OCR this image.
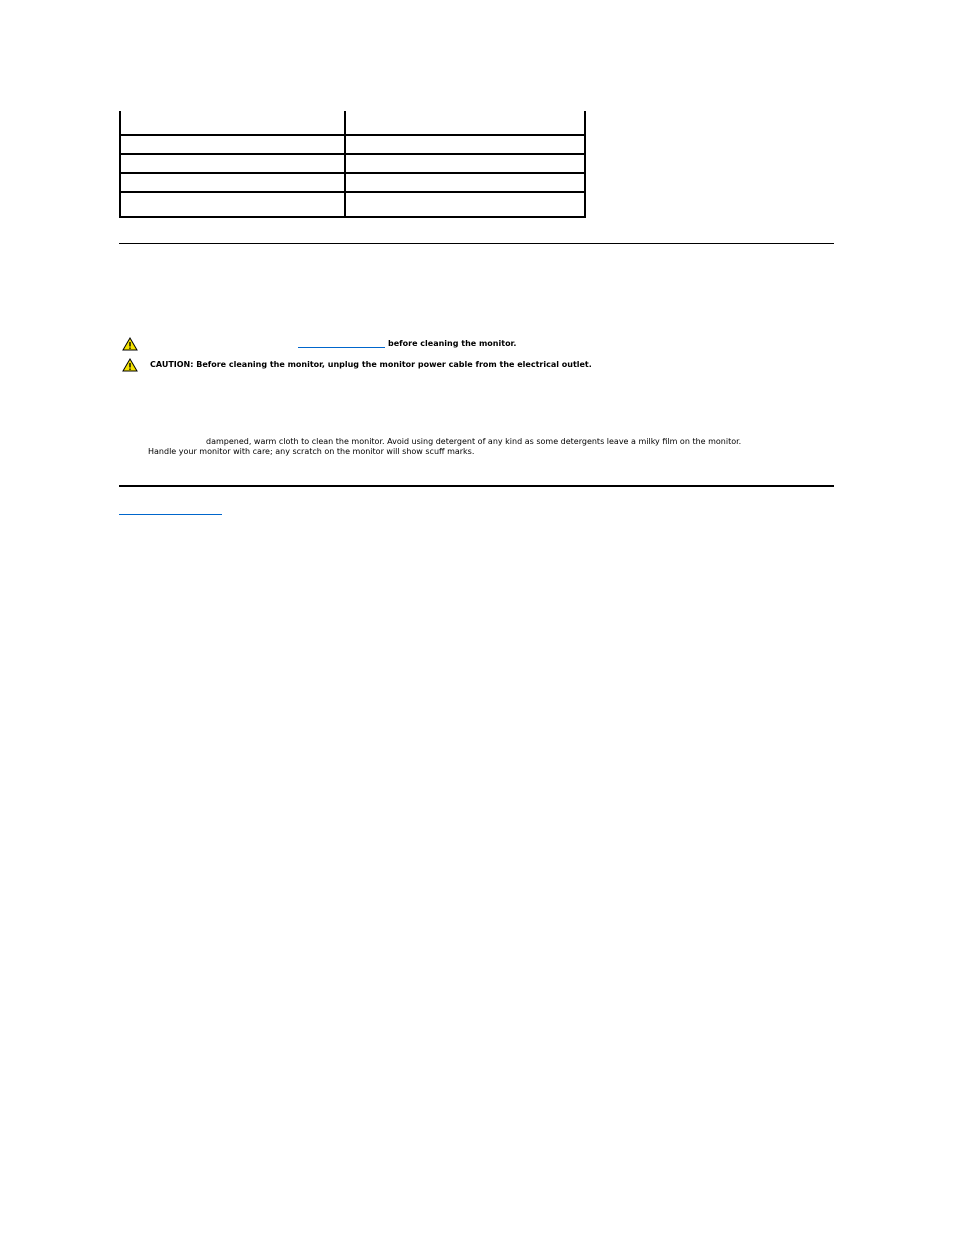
before cleaning the monitor.
CAUTION: Before cleaning the monitor, unplug the monitor power cable from the electrical outlet.
dampened, warm cloth to clean the monitor. Avoid using detergent of any kind as some detergents leave a milky film on the monitor.
Handle your monitor with care; any scratch on the monitor will show scuff marks.
